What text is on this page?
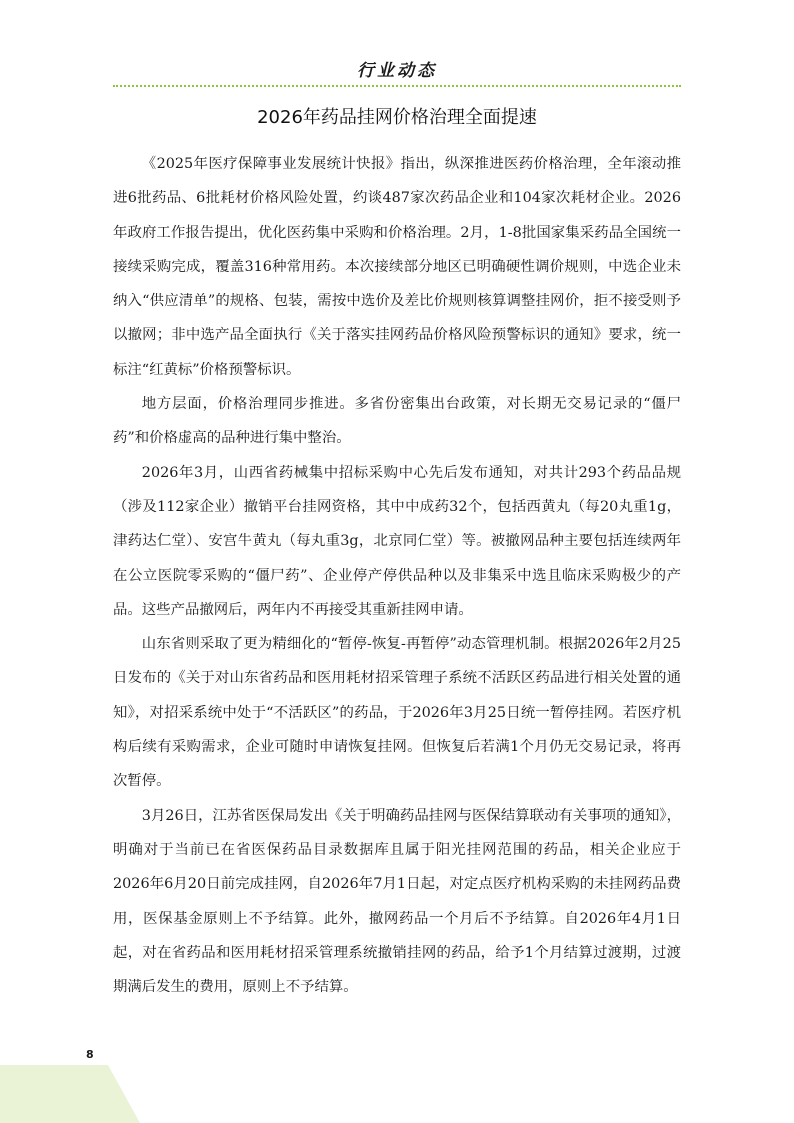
行业动态
2026年药品挂网价格治理全面提速

《2025年医疗保障事业发展统计快报》指出，纵深推进医药价格治理，全年滚动推进6批药品、6批耗材价格风险处置，约谈487家次药品企业和104家次耗材企业。2026年政府工作报告提出，优化医药集中采购和价格治理。2月，1-8批国家集采药品全国统一接续采购完成，覆盖316种常用药。本次接续部分地区已明确硬性调价规则，中选企业未纳入“供应清单”的规格、包装，需按中选价及差比价规则核算调整挂网价，拒不接受则予以撤网；非中选产品全面执行《关于落实挂网药品价格风险预警标识的通知》要求，统一标注“红黄标”价格预警标识。

地方层面，价格治理同步推进。多省份密集出台政策，对长期无交易记录的“僵尸药”和价格虚高的品种进行集中整治。

2026年3月，山西省药械集中招标采购中心先后发布通知，对共计293个药品品规（涉及112家企业）撤销平台挂网资格，其中中成药32个，包括西黄丸（每20丸重1g，津药达仁堂）、安宫牛黄丸（每丸重3g，北京同仁堂）等。被撤网品种主要包括连续两年在公立医院零采购的“僵尸药”、企业停产停供品种以及非集采中选且临床采购极少的产品。这些产品撤网后，两年内不再接受其重新挂网申请。

山东省则采取了更为精细化的“暂停-恢复-再暂停”动态管理机制。根据2026年2月25日发布的《关于对山东省药品和医用耗材招采管理子系统不活跃区药品进行相关处置的通知》，对招采系统中处于“不活跃区”的药品，于2026年3月25日统一暂停挂网。若医疗机构后续有采购需求，企业可随时申请恢复挂网。但恢复后若满1个月仍无交易记录，将再次暂停。

3月26日，江苏省医保局发出《关于明确药品挂网与医保结算联动有关事项的通知》，明确对于当前已在省医保药品目录数据库且属于阳光挂网范围的药品，相关企业应于2026年6月20日前完成挂网，自2026年7月1日起，对定点医疗机构采购的未挂网药品费用，医保基金原则上不予结算。此外，撤网药品一个月后不予结算。自2026年4月1日起，对在省药品和医用耗材招采管理系统撤销挂网的药品，给予1个月结算过渡期，过渡期满后发生的费用，原则上不予结算。

8
